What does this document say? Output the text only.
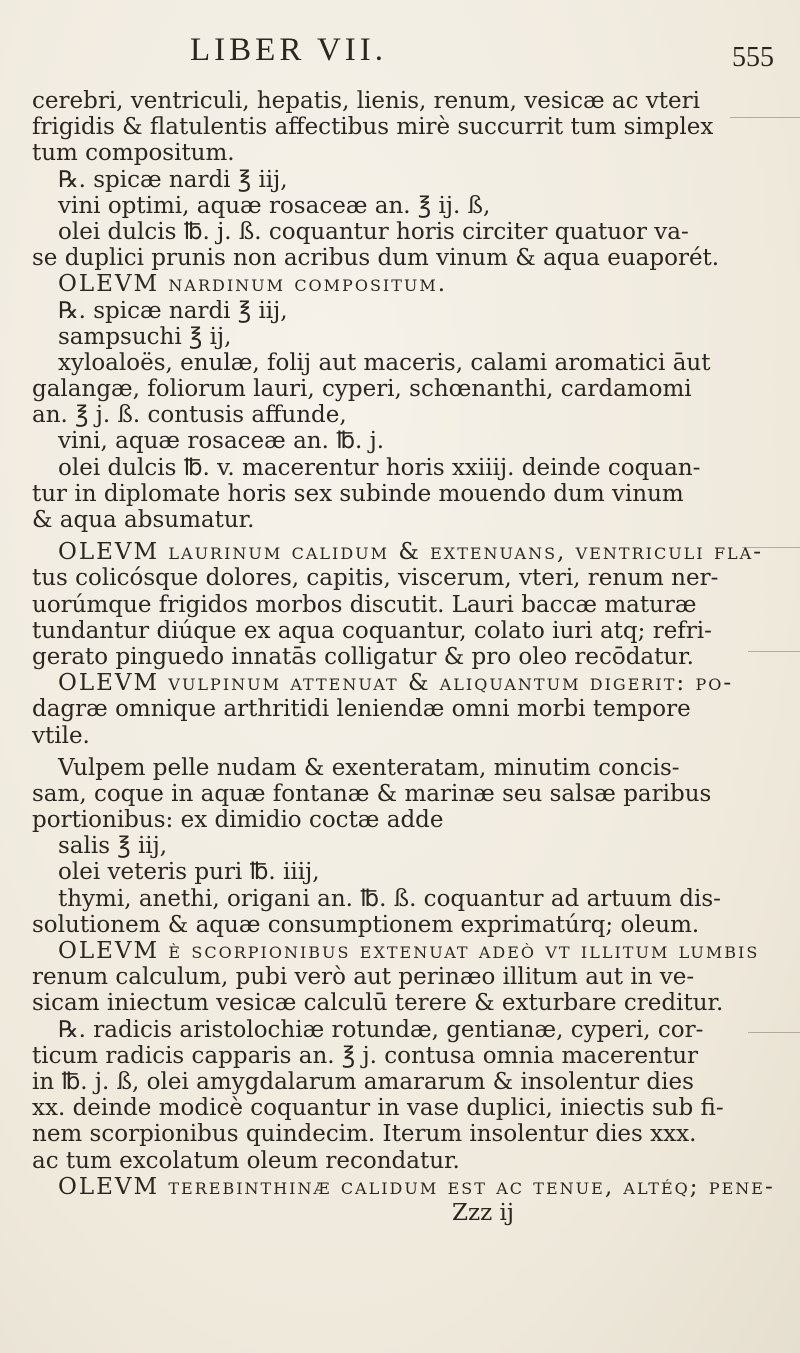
LIBER VII.	555
cerebri, ventriculi, hepatis, lienis, renum, vesicæ ac vteri
frigidis & flatulentis affectibus mirè succurrit tum simplex
tum compositum.
℞. spicæ nardi ℥ iij,
vini optimi, aquæ rosaceæ an. ℥ ij. ß,
olei dulcis ℔. j. ß. coquantur horis circiter quatuor va-
se duplici prunis non acribus dum vinum & aqua euaporét.
OLEVM nardinum compositum.
℞. spicæ nardi ℥ iij,
sampsuchi ℥ ij,
xyloaloës, enulæ, folij aut maceris, calami aromatici āut
galangæ, foliorum lauri, cyperi, schœnanthi, cardamomi
an. ℥ j. ß. contusis affunde,
vini, aquæ rosaceæ an. ℔. j.
olei dulcis ℔. v. macerentur horis xxiiij. deinde coquan-
tur in diplomate horis sex subinde mouendo dum vinum
& aqua absumatur.
OLEVM laurinum calidum & extenuans, ventriculi fla-
tus colicósque dolores, capitis, viscerum, vteri, renum ner-
uorúmque frigidos morbos discutit. Lauri baccæ maturæ
tundantur diúque ex aqua coquantur, colato iuri atq; refri-
gerato pinguedo innatās colligatur & pro oleo recōdatur.
OLEVM vulpinum attenuat & aliquantum digerit: po-
dagræ omnique arthritidi leniendæ omni morbi tempore
vtile.
Vulpem pelle nudam & exenteratam, minutim concis-
sam, coque in aquæ fontanæ & marinæ seu salsæ paribus
portionibus: ex dimidio coctæ adde
salis ℥ iij,
olei veteris puri ℔. iiij,
thymi, anethi, origani an. ℔. ß. coquantur ad artuum dis-
solutionem & aquæ consumptionem exprimatúrq; oleum.
OLEVM è scorpionibus extenuat adeò vt illitum lumbis
renum calculum, pubi verò aut perinæo illitum aut in ve-
sicam iniectum vesicæ calculū terere & exturbare creditur.
℞. radicis aristolochiæ rotundæ, gentianæ, cyperi, cor-
ticum radicis capparis an. ℥ j. contusa omnia macerentur
in ℔. j. ß, olei amygdalarum amararum & insolentur dies
xx. deinde modicè coquantur in vase duplici, iniectis sub fi-
nem scorpionibus quindecim. Iterum insolentur dies xxx.
ac tum excolatum oleum recondatur.
OLEVM terebinthinæ calidum est ac tenue, altéq; pene-
Zzz ij
